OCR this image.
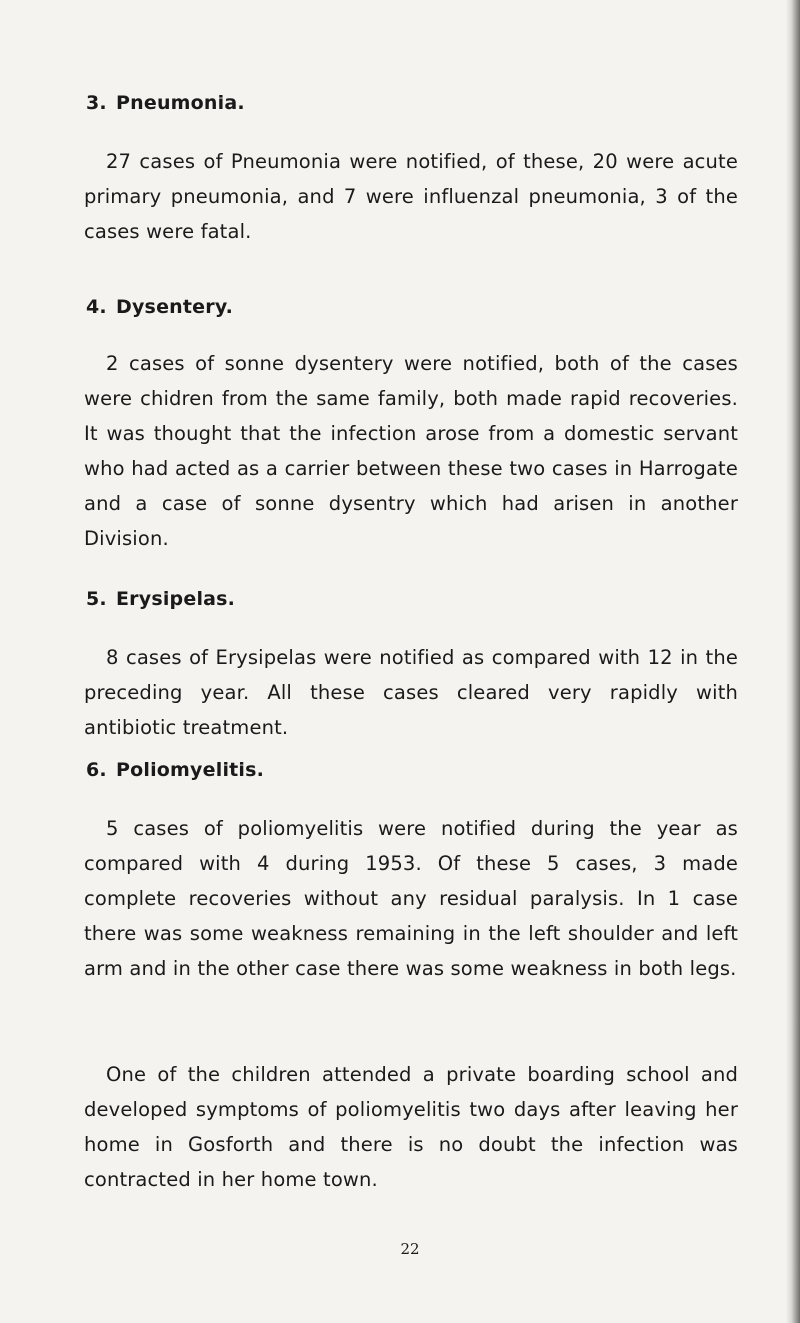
3. Pneumonia.

27 cases of Pneumonia were notified, of these, 20 were acute primary pneumonia, and 7 were influenzal pneumonia, 3 of the cases were fatal.

4. Dysentery.

2 cases of sonne dysentery were notified, both of the cases were chidren from the same family, both made rapid recoveries. It was thought that the infection arose from a domestic servant who had acted as a carrier between these two cases in Harrogate and a case of sonne dysentry which had arisen in another Division.

5. Erysipelas.

8 cases of Erysipelas were notified as compared with 12 in the preceding year. All these cases cleared very rapidly with antibiotic treatment.

6. Poliomyelitis.

5 cases of poliomyelitis were notified during the year as compared with 4 during 1953. Of these 5 cases, 3 made complete recoveries without any residual paralysis. In 1 case there was some weakness remaining in the left shoulder and left arm and in the other case there was some weakness in both legs.

One of the children attended a private boarding school and developed symptoms of poliomyelitis two days after leaving her home in Gosforth and there is no doubt the infection was contracted in her home town.

22
